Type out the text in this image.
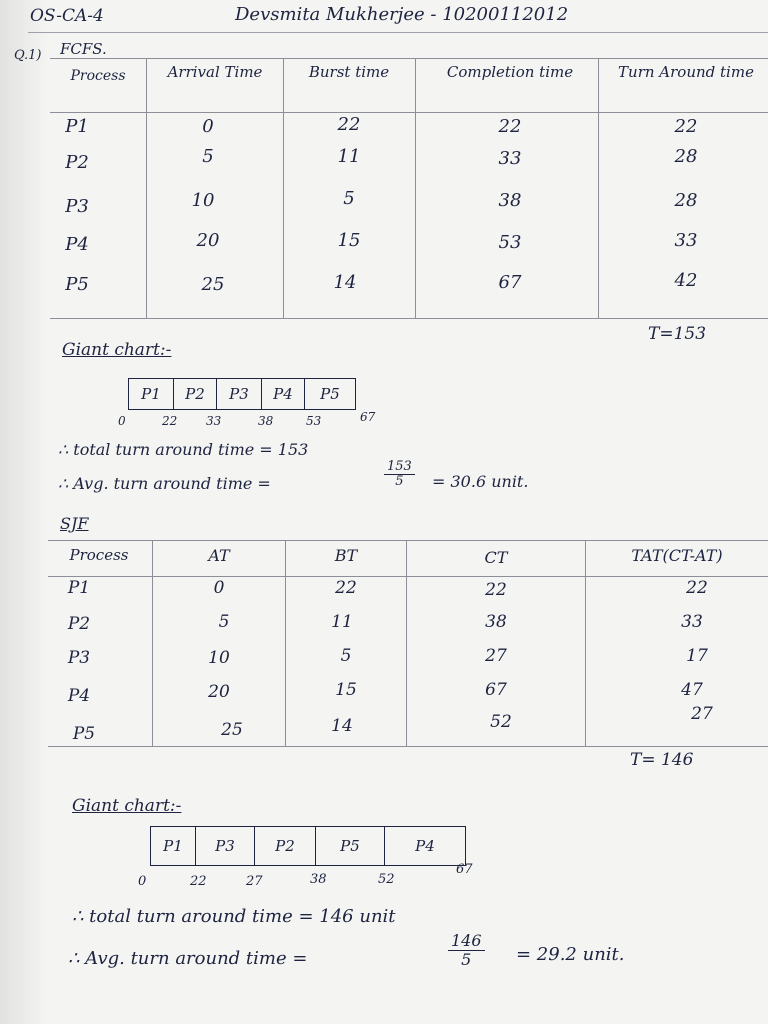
OS-CA-4	Devsmita Mukherjee - 10200112012
Q.1) FCFS.
Process	Arrival Time	Burst time	Completion time	Turn Around time
P1	0	22	22	22
P2	5	11	33	28
P3	10	5	38	28
P4	20	15	53	33
P5	25	14	67	42
T=153
Giant chart:-
P1	P2	P3	P4	P5
0	22 33	38	53	67
∴ total turn around time = 153
∴ Avg. turn around time =	$\frac{153}{5} = 30.6$ unit.
SJF
Process	AT	BT	CT	TAT(CT-AT)
P1	0	22	22	22
P2	5	11	38	33
P3	10	5	27	17
P4	20	15	67	47
P5	25	14	52	27
T= 146
Giant chart:-
P1	P3	P2	P5	P4
0	22	27	38	52
67
∴ total turn around time = 146 unit
∴ Avg. turn around time =	$\frac{146}{5} = 29.2$ unit.
